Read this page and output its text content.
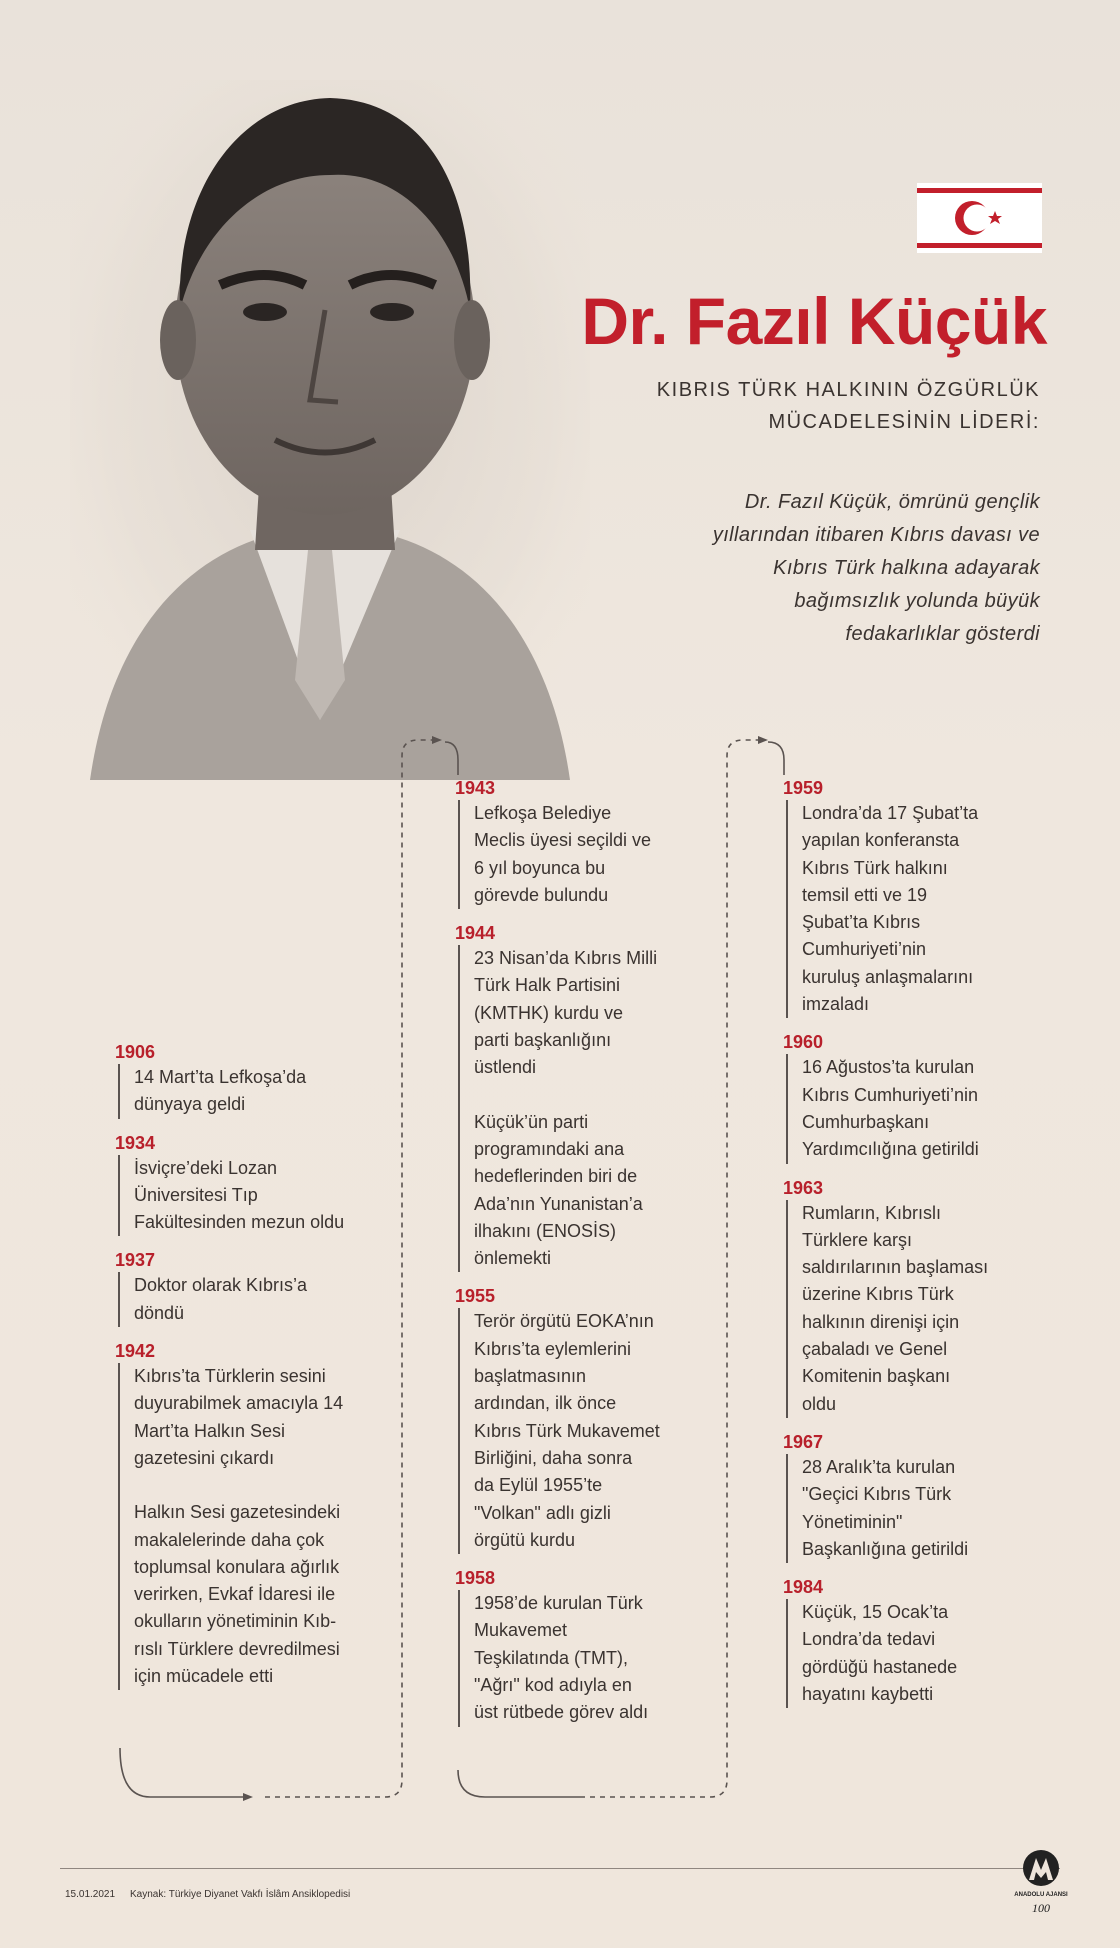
Dr. Fazıl Küçük
KIBRIS TÜRK HALKININ ÖZGÜRLÜK
MÜCADELESİNİN LİDERİ:
Dr. Fazıl Küçük, ömrünü gençlik
yıllarından itibaren Kıbrıs davası ve
Kıbrıs Türk halkına adayarak
bağımsızlık yolunda büyük
fedakarlıklar gösterdi
1906

14 Mart’ta Lefkoşa’da
dünyaya geldi

1934

İsviçre’deki Lozan
Üniversitesi Tıp
Fakültesinden mezun oldu

1937

Doktor olarak Kıbrıs’a
döndü

1942

Kıbrıs’ta Türklerin sesini
duyurabilmek amacıyla 14
Mart’ta Halkın Sesi
gazetesini çıkardı

Halkın Sesi gazetesindeki
makalelerinde daha çok
toplumsal konulara ağırlık
verirken, Evkaf İdaresi ile
okulların yönetiminin Kıb-
rıslı Türklere devredilmesi
için mücadele etti

1943

Lefkoşa Belediye
Meclis üyesi seçildi ve
6 yıl boyunca bu
görevde bulundu

1944

23 Nisan’da Kıbrıs Milli
Türk Halk Partisini
(KMTHK) kurdu ve
parti başkanlığını
üstlendi

Küçük’ün parti
programındaki ana
hedeflerinden biri de
Ada’nın Yunanistan’a
ilhakını (ENOSİS)
önlemekti

1955

Terör örgütü EOKA’nın
Kıbrıs’ta eylemlerini
başlatmasının
ardından, ilk önce
Kıbrıs Türk Mukavemet
Birliğini, daha sonra
da Eylül 1955’te
"Volkan" adlı gizli
örgütü kurdu

1958

1958’de kurulan Türk
Mukavemet
Teşkilatında (TMT),
"Ağrı" kod adıyla en
üst rütbede görev aldı

1959

Londra’da 17 Şubat’ta
yapılan konferansta
Kıbrıs Türk halkını
temsil etti ve 19
Şubat’ta Kıbrıs
Cumhuriyeti’nin
kuruluş anlaşmalarını
imzaladı

1960

16 Ağustos’ta kurulan
Kıbrıs Cumhuriyeti’nin
Cumhurbaşkanı
Yardımcılığına getirildi

1963

Rumların, Kıbrıslı
Türklere karşı
saldırılarının başlaması
üzerine Kıbrıs Türk
halkının direnişi için
çabaladı ve Genel
Komitenin başkanı
oldu

1967

28 Aralık’ta kurulan
"Geçici Kıbrıs Türk
Yönetiminin"
Başkanlığına getirildi

1984

Küçük, 15 Ocak’ta
Londra’da tedavi
gördüğü hastanede
hayatını kaybetti

15.01.2021 Kaynak: Türkiye Diyanet Vakfı İslâm Ansiklopedisi	ANADOLU AJANSI
100
